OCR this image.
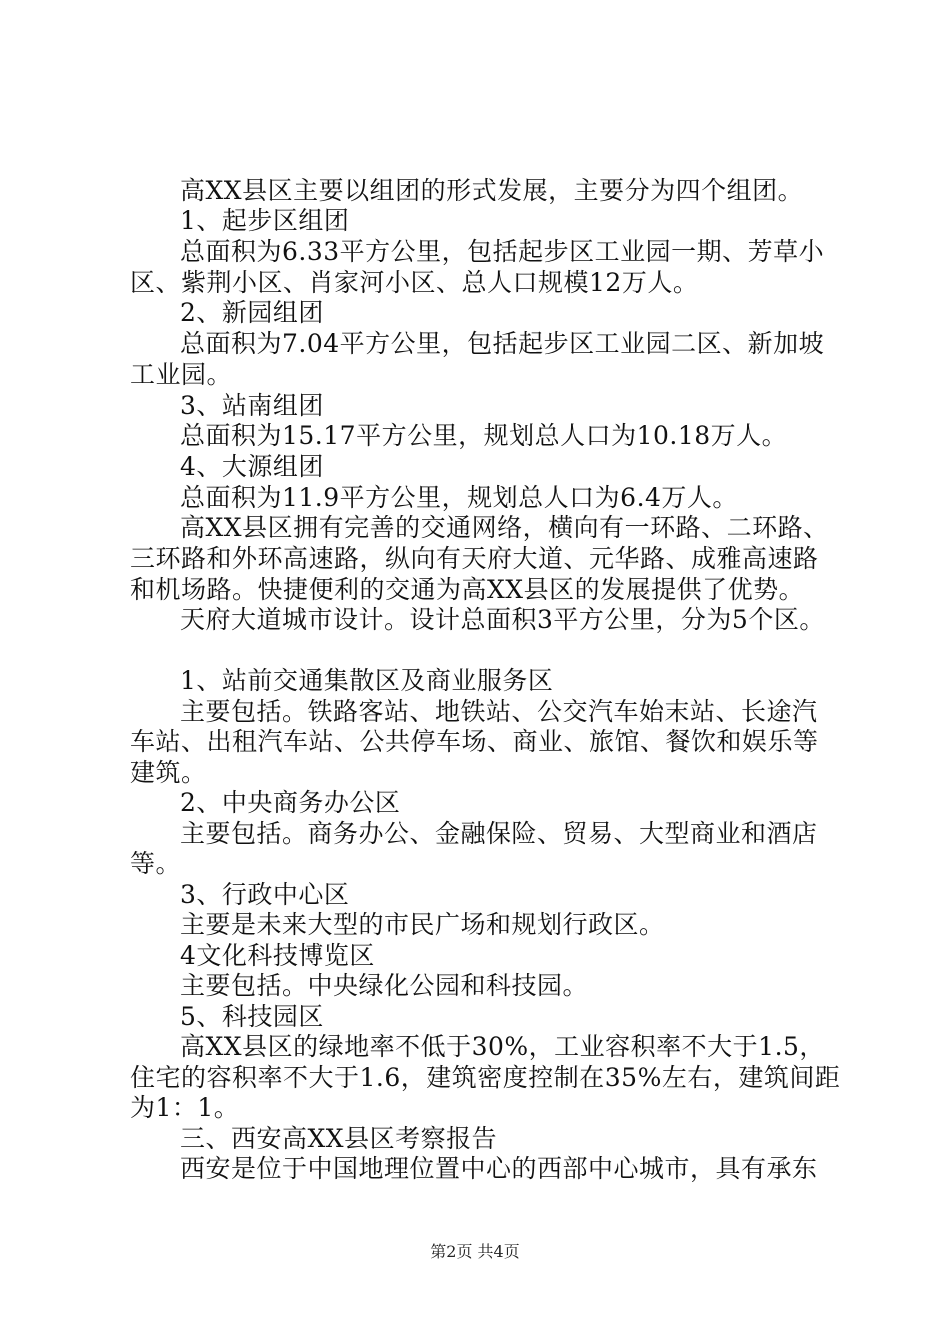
高XX县区主要以组团的形式发展，主要分为四个组团。
1、起步区组团
总面积为6.33平方公里，包括起步区工业园一期、芳草小
区、紫荆小区、肖家河小区、总人口规模12万人。
2、新园组团
总面积为7.04平方公里，包括起步区工业园二区、新加坡
工业园。
3、站南组团
总面积为15.17平方公里，规划总人口为10.18万人。
4、大源组团
总面积为11.9平方公里，规划总人口为6.4万人。
高XX县区拥有完善的交通网络，横向有一环路、二环路、
三环路和外环高速路，纵向有天府大道、元华路、成雅高速路
和机场路。快捷便利的交通为高XX县区的发展提供了优势。
天府大道城市设计。设计总面积3平方公里，分为5个区。
1、站前交通集散区及商业服务区
主要包括。铁路客站、地铁站、公交汽车始末站、长途汽
车站、出租汽车站、公共停车场、商业、旅馆、餐饮和娱乐等
建筑。
2、中央商务办公区
主要包括。商务办公、金融保险、贸易、大型商业和酒店
等。
3、行政中心区
主要是未来大型的市民广场和规划行政区。
4文化科技博览区
主要包括。中央绿化公园和科技园。
5、科技园区
高XX县区的绿地率不低于30%，工业容积率不大于1.5，
住宅的容积率不大于1.6，建筑密度控制在35%左右，建筑间距
为1：1。
三、西安高XX县区考察报告
西安是位于中国地理位置中心的西部中心城市，具有承东
第2页 共4页
